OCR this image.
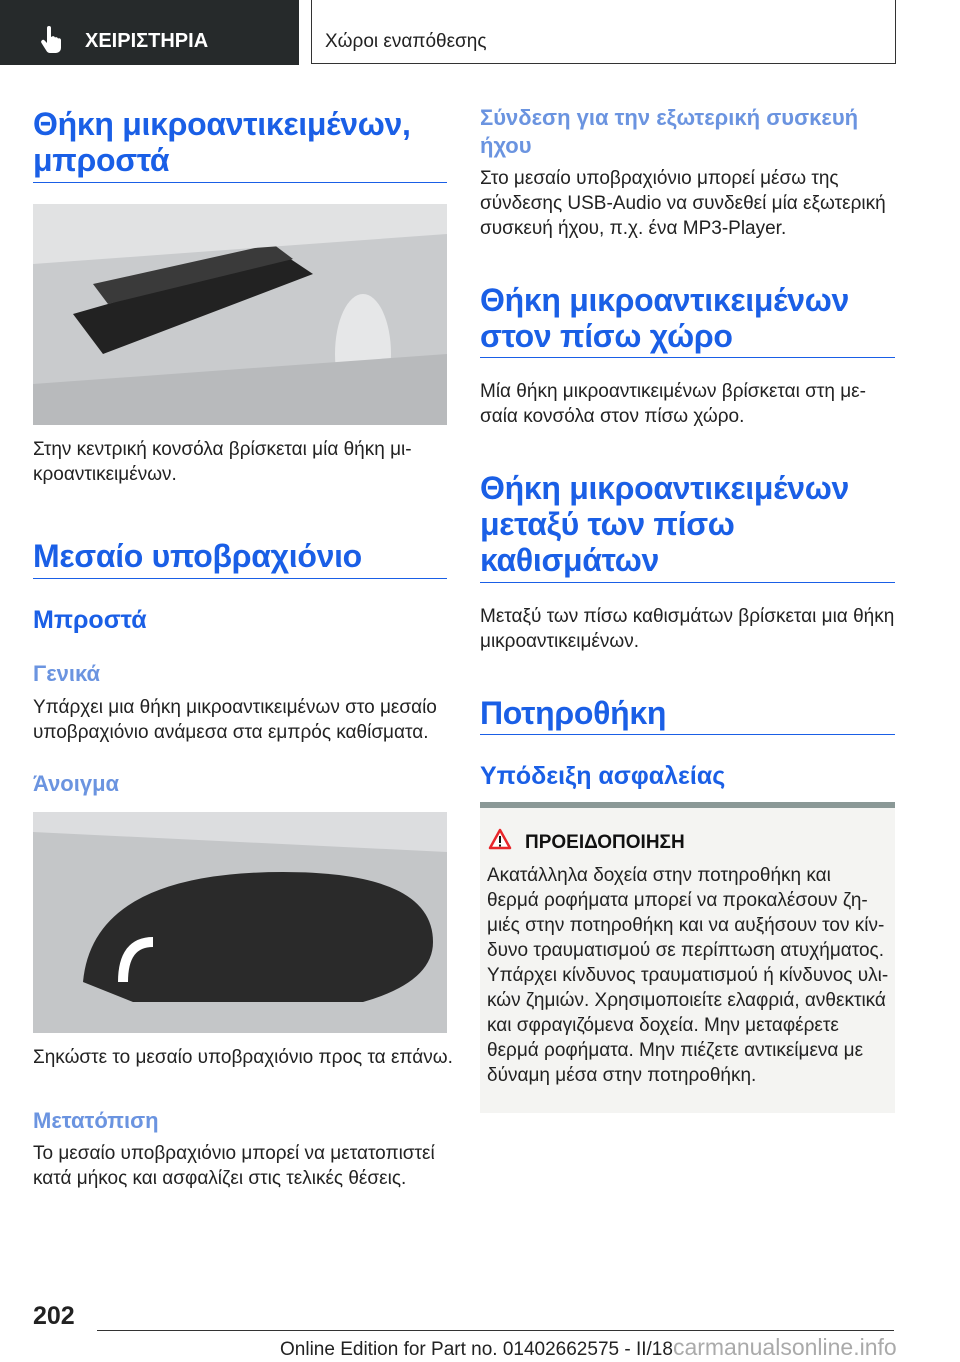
ΧΕΙΡΙΣΤΗΡΙΑ	Χώροι εναπόθεσης
Θήκη μικροαντικειμένων,
μπροστά
Στην κεντρική κονσόλα βρίσκεται μία θήκη μι-
κροαντικειμένων.
Μεσαίο υποβραχιόνιο
Μπροστά
Γενικά
Υπάρχει μια θήκη μικροαντικειμένων στο μεσαίο
υποβραχιόνιο ανάμεσα στα εμπρός καθίσματα.
Άνοιγμα
Σηκώστε το μεσαίο υποβραχιόνιο προς τα επάνω.
Μετατόπιση
Το μεσαίο υποβραχιόνιο μπορεί να μετατοπιστεί
κατά μήκος και ασφαλίζει στις τελικές θέσεις.
Σύνδεση για την εξωτερική συσκευή
ήχου
Στο μεσαίο υποβραχιόνιο μπορεί μέσω της
σύνδεσης USB-Audio να συνδεθεί μία εξωτερική
συσκευή ήχου, π.χ. ένα MP3-Player.
Θήκη μικροαντικειμένων
στον πίσω χώρο
Μία θήκη μικροαντικειμένων βρίσκεται στη με-
σαία κονσόλα στον πίσω χώρο.
Θήκη μικροαντικειμένων
μεταξύ των πίσω
καθισμάτων
Μεταξύ των πίσω καθισμάτων βρίσκεται μια θήκη
μικροαντικειμένων.
Ποτηροθήκη
Υπόδειξη ασφαλείας
ΠΡΟΕΙΔΟΠΟΙΗΣΗ
Ακατάλληλα δοχεία στην ποτηροθήκη και
θερμά ροφήματα μπορεί να προκαλέσουν ζη-
μιές στην ποτηροθήκη και να αυξήσουν τον κίν-
δυνο τραυματισμού σε περίπτωση ατυχήματος.
Υπάρχει κίνδυνος τραυματισμού ή κίνδυνος υλι-
κών ζημιών. Χρησιμοποιείτε ελαφριά, ανθεκτικά
και σφραγιζόμενα δοχεία. Μην μεταφέρετε
θερμά ροφήματα. Μην πιέζετε αντικείμενα με
δύναμη μέσα στην ποτηροθήκη.
202
Online Edition for Part no. 01402662575 - II/18carmanualsonline.info
